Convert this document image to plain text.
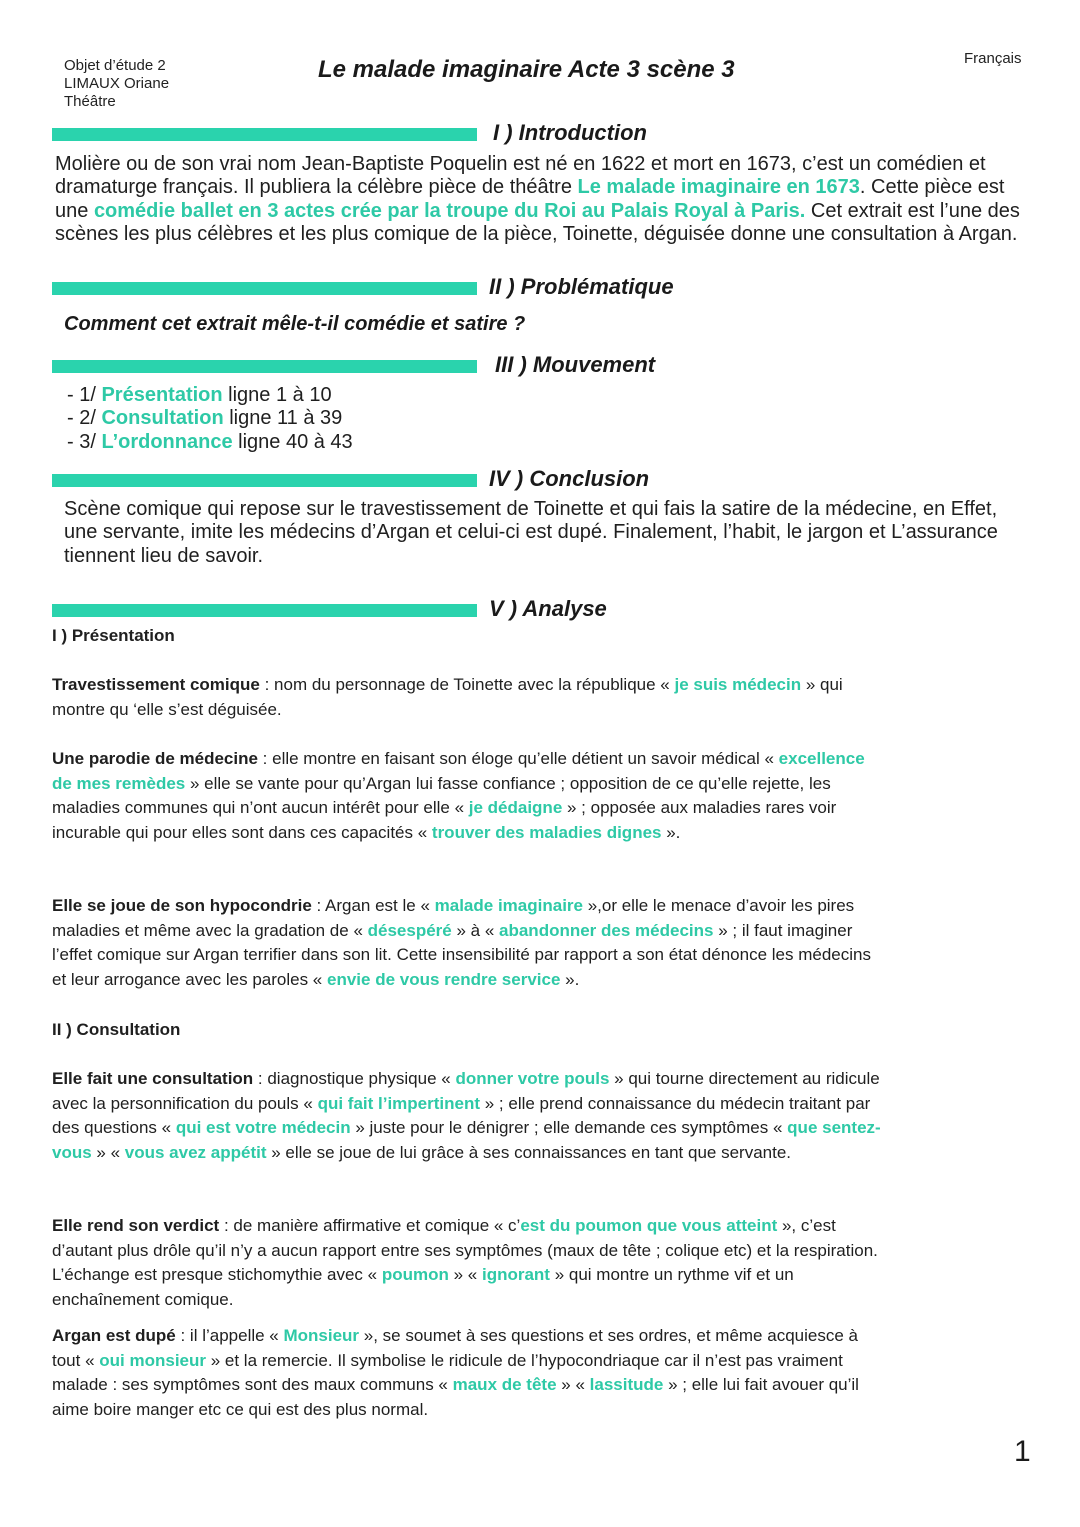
Objet d’étude 2
LIMAUX Oriane
Théâtre
Le malade imaginaire Acte 3 scène 3	Français
I ) Introduction
Molière ou de son vrai nom Jean-Baptiste Poquelin est né en 1622 et mort en 1673, c’est un comédien et dramaturge français. Il publiera la célèbre pièce de théâtre Le malade imaginaire en 1673. Cette pièce est une comédie ballet en 3 actes crée par la troupe du Roi au Palais Royal à Paris. Cet extrait est l’une des scènes les plus célèbres et les plus comique de la pièce, Toinette, déguisée donne une consultation à Argan.
II ) Problématique
Comment cet extrait mêle-t-il comédie et satire ?
III ) Mouvement
- 1/ Présentation ligne 1 à 10
- 2/ Consultation ligne 11 à 39
- 3/ L’ordonnance ligne 40 à 43
IV ) Conclusion
Scène comique qui repose sur le travestissement de Toinette et qui fais la satire de la médecine, en Effet, une servante, imite les médecins d’Argan et celui-ci est dupé. Finalement, l’habit, le jargon et L’assurance tiennent lieu de savoir.
V ) Analyse
I ) Présentation
Travestissement comique : nom du personnage de Toinette avec la république « je suis médecin » qui montre qu ‘elle s’est déguisée.
Une parodie de médecine : elle montre en faisant son éloge qu’elle détient un savoir médical « excellence de mes remèdes » elle se vante pour qu’Argan lui fasse confiance ; opposition de ce qu’elle rejette, les maladies communes qui n’ont aucun intérêt pour elle « je dédaigne » ; opposée aux maladies rares voir incurable qui pour elles sont dans ces capacités « trouver des maladies dignes ».
Elle se joue de son hypocondrie : Argan est le « malade imaginaire »,or elle le menace d’avoir les pires maladies et même avec la gradation de « désespéré » à « abandonner des médecins » ; il faut imaginer l’effet comique sur Argan terrifier dans son lit. Cette insensibilité par rapport a son état dénonce les médecins et leur arrogance avec les paroles « envie de vous rendre service ».
II ) Consultation
Elle fait une consultation : diagnostique physique « donner votre pouls » qui tourne directement au ridicule avec la personnification du pouls « qui fait l’impertinent » ; elle prend connaissance du médecin traitant par des questions « qui est votre médecin » juste pour le dénigrer ; elle demande ces symptômes « que sentez-vous » « vous avez appétit » elle se joue de lui grâce à ses connaissances en tant que servante.
Elle rend son verdict : de manière affirmative et comique « c’est du poumon que vous atteint », c’est d’autant plus drôle qu’il n’y a aucun rapport entre ses symptômes (maux de tête ; colique etc) et la respiration. L’échange est presque stichomythie avec « poumon » « ignorant » qui montre un rythme vif et un enchaînement comique.
Argan est dupé : il l’appelle « Monsieur », se soumet à ses questions et ses ordres, et même acquiesce à tout « oui monsieur » et la remercie. Il symbolise le ridicule de l’hypocondriaque car il n’est pas vraiment malade : ses symptômes sont des maux communs « maux de tête » « lassitude » ; elle lui fait avouer qu’il aime boire manger etc ce qui est des plus normal.
1
